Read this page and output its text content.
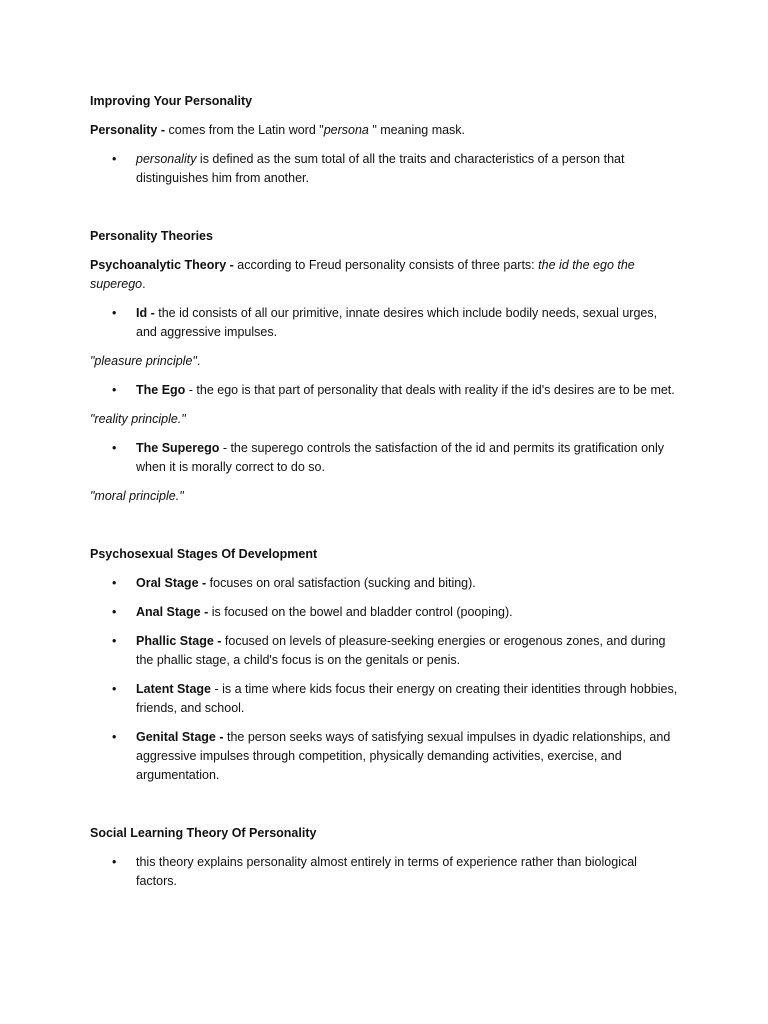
Improving Your Personality

Personality - comes from the Latin word "persona " meaning mask.

• personality is defined as the sum total of all the traits and characteristics of a person that distinguishes him from another.

Personality Theories

Psychoanalytic Theory - according to Freud personality consists of three parts: the id the ego the superego.

• Id - the id consists of all our primitive, innate desires which include bodily needs, sexual urges, and aggressive impulses.

"pleasure principle".

• The Ego - the ego is that part of personality that deals with reality if the id's desires are to be met.

"reality principle."

• The Superego - the superego controls the satisfaction of the id and permits its gratification only when it is morally correct to do so.

"moral principle."

Psychosexual Stages Of Development

• Oral Stage - focuses on oral satisfaction (sucking and biting).
• Anal Stage - is focused on the bowel and bladder control (pooping).
• Phallic Stage - focused on levels of pleasure-seeking energies or erogenous zones, and during the phallic stage, a child's focus is on the genitals or penis.
• Latent Stage - is a time where kids focus their energy on creating their identities through hobbies, friends, and school.
• Genital Stage - the person seeks ways of satisfying sexual impulses in dyadic relationships, and aggressive impulses through competition, physically demanding activities, exercise, and argumentation.

Social Learning Theory Of Personality

• this theory explains personality almost entirely in terms of experience rather than biological factors.
